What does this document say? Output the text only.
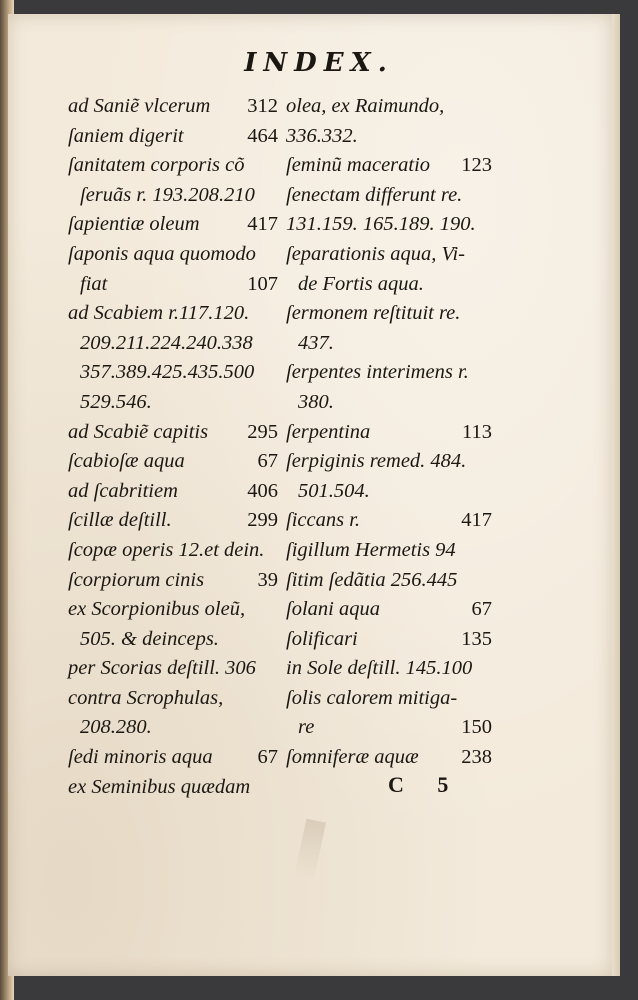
INDEX.
ad Saniẽ vlcerum 312
ſaniem digerit	464
ſanitatem corporis cõ
ſeruãs r. 193.208.210
ſapientiæ oleum 417
ſaponis aqua quomodo
fiat	107
ad Scabiem r.117.120.
209.211.224.240.338
357.389.425.435.500
529.546.
ad Scabiẽ capitis 295
ſcabioſæ aqua	67
ad ſcabritiem	406
ſcillæ deſtill.	299
ſcopæ operis 12.et dein.
ſcorpiorum cinis	39
ex Scorpionibus oleũ,
505. & deinceps.
per Scorias deſtill. 306
contra Scrophulas,
208.280.
ſedi minoris aqua 67
ex Seminibus quædam
olea, ex Raimundo,
336.332.
ſeminũ maceratio 123
ſenectam differunt re.
131.159. 165.189. 190.
ſeparationis aqua, Vi-
de Fortis aqua.
ſermonem reſtituit re.
437.
ſerpentes interimens r.
380.
ſerpentina	113
ſerpiginis remed. 484.
501.504.
ſiccans r.	417
ſigillum Hermetis 94
ſitim ſedãtia 256.445
ſolani aqua	67
ſolificari	135
in Sole deſtill. 145.100
ſolis calorem mitiga-
re	150
ſomniferæ aquæ 238
C 5
